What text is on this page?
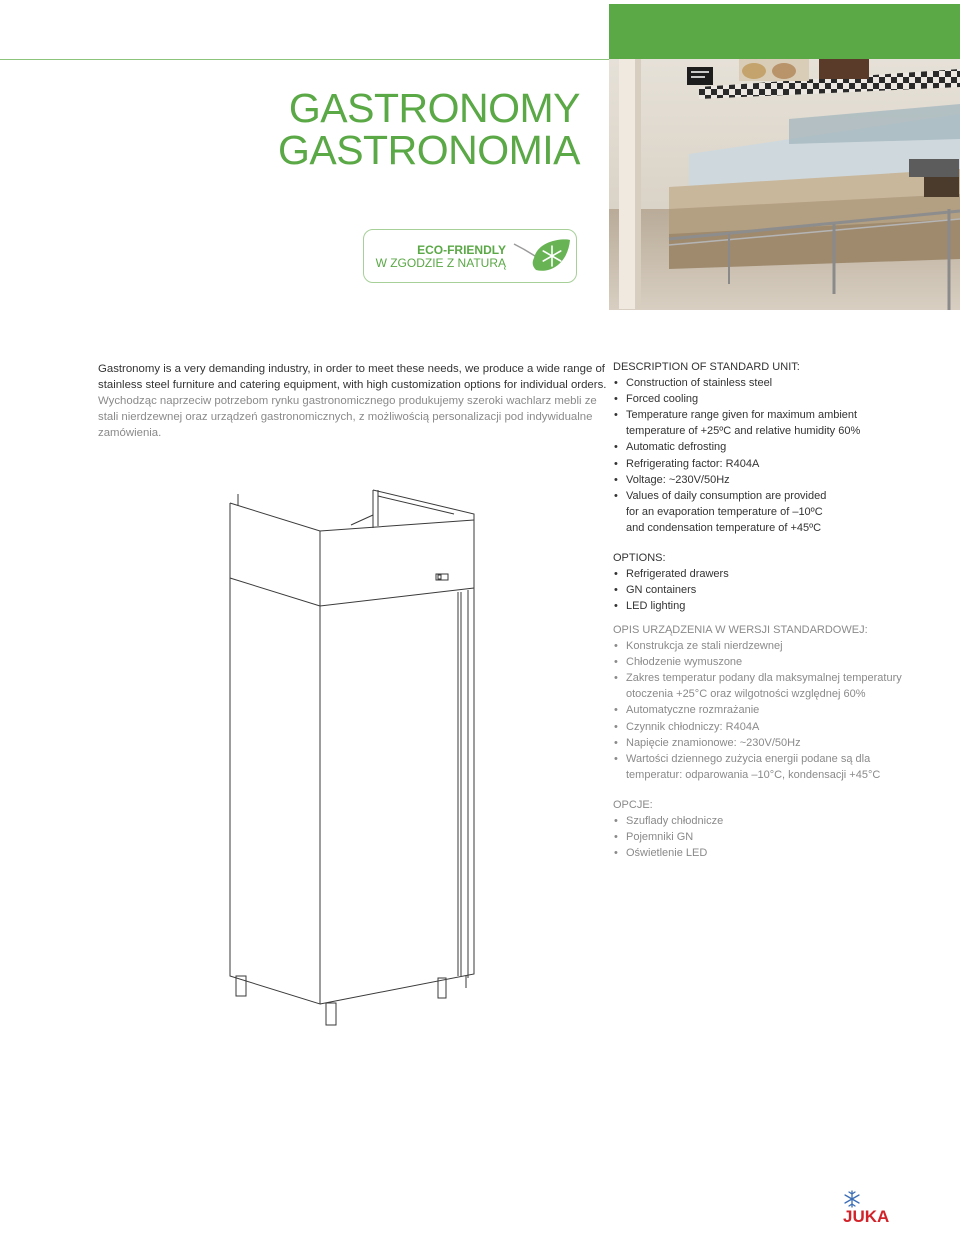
GASTRONOMY
GASTRONOMIA
ECO-FRIENDLY
W ZGODZIE Z NATURĄ

Gastronomy is a very demanding industry, in order to meet these needs, we produce a wide range of stainless steel furniture and catering equipment, with high customization options for individual orders.

Wychodząc naprzeciw potrzebom rynku gastronomicznego produkujemy szeroki wachlarz mebli ze stali nierdzewnej oraz urządzeń gastronomicznych, z możliwością personalizacji pod indywidualne zamówienia.

DESCRIPTION OF STANDARD UNIT:
• Construction of stainless steel
• Forced cooling
• Temperature range given for maximum ambient temperature of +25ºC and relative humidity 60%
• Automatic defrosting
• Refrigerating factor: R404A
• Voltage: ~230V/50Hz
• Values of daily consumption are provided for an evaporation temperature of –10ºC and condensation temperature of +45ºC
OPTIONS:
• Refrigerated drawers
• GN containers
• LED lighting
OPIS URZĄDZENIA W WERSJI STANDARDOWEJ:
• Konstrukcja ze stali nierdzewnej
• Chłodzenie wymuszone
• Zakres temperatur podany dla maksymalnej temperatury otoczenia +25°C oraz wilgotności względnej 60%
• Automatyczne rozmrażanie
• Czynnik chłodniczy: R404A
• Napięcie znamionowe: ~230V/50Hz
• Wartości dziennego zużycia energii podane są dla temperatur: odparowania –10°C, kondensacji +45°C
OPCJE:
• Szuflady chłodnicze
• Pojemniki GN
• Oświetlenie LED
JUKA
